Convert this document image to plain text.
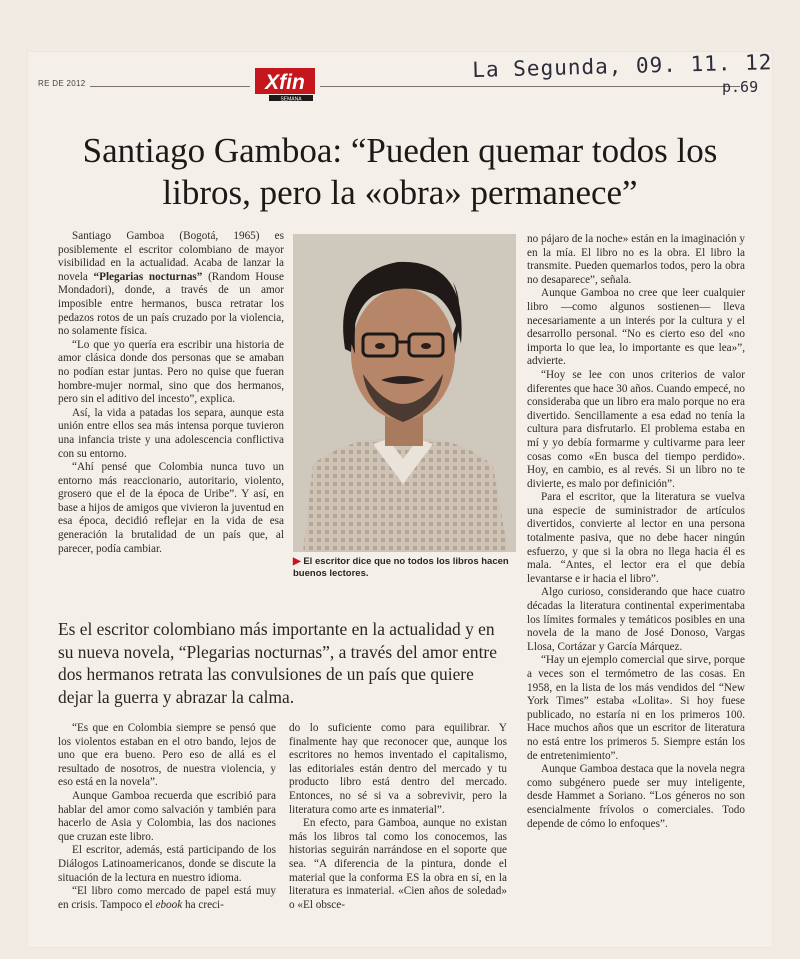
RE DE 2012	Xfin
SEMANA
La Segunda, 09. 11. 12
p.69
Santiago Gamboa: “Pueden quemar todos los
libros, pero la «obra» permanece”

Santiago Gamboa (Bogotá, 1965) es posiblemente el escritor colombiano de mayor visibilidad en la actualidad. Acaba de lanzar la novela “Plegarias nocturnas” (Random House Mondadori), donde, a través de un amor imposible entre hermanos, busca retratar los pedazos rotos de un país cruzado por la violencia, no solamente física.

“Lo que yo quería era escribir una historia de amor clásica donde dos personas que se amaban no podían estar juntas. Pero no quise que fueran hombre-mujer normal, sino que dos hermanos, pero sin el aditivo del incesto”, explica.

Así, la vida a patadas los separa, aunque esta unión entre ellos sea más intensa porque tuvieron una infancia triste y una adolescencia conflictiva con su entorno.

“Ahí pensé que Colombia nunca tuvo un entorno más reaccionario, autoritario, violento, grosero que el de la época de Uribe”. Y así, en base a hijos de amigos que vivieron la juventud en esa época, decidió reflejar en la vida de esa generación la brutalidad de un país que, al parecer, podía cambiar.

▶ El escritor dice que no todos los libros hacen buenos lectores.

no pájaro de la noche» están en la imaginación y en la mía. El libro no es la obra. El libro la transmite. Pueden quemarlos todos, pero la obra no desaparece”, señala.

Aunque Gamboa no cree que leer cualquier libro —como algunos sostienen— lleva necesariamente a un interés por la cultura y el desarrollo personal. “No es cierto eso del «no importa lo que lea, lo importante es que lea»”, advierte.

“Hoy se lee con unos criterios de valor diferentes que hace 30 años. Cuando empecé, no consideraba que un libro era malo porque no era divertido. Sencillamente a esa edad no tenía la cultura para disfrutarlo. El problema estaba en mí y yo debía formarme y cultivarme para leer cosas como «En busca del tiempo perdido». Hoy, en cambio, es al revés. Si un libro no te divierte, es malo por definición”.

Para el escritor, que la literatura se vuelva una especie de suministrador de artículos divertidos, convierte al lector en una persona totalmente pasiva, que no debe hacer ningún esfuerzo, y que si la obra no llega hacia él es mala. “Antes, el lector era el que debía levantarse e ir hacia el libro”.

Algo curioso, considerando que hace cuatro décadas la literatura continental experimentaba los límites formales y temáticos posibles en una novela de la mano de José Donoso, Vargas Llosa, Cortázar y García Márquez.

“Hay un ejemplo comercial que sirve, porque a veces son el termómetro de las cosas. En 1958, en la lista de los más vendidos del “New York Times” estaba «Lolita». Si hoy fuese publicado, no estaría ni en los primeros 100. Hace muchos años que un escritor de literatura no está entre los primeros 5. Siempre están los de entretenimiento”.

Aunque Gamboa destaca que la novela negra como subgénero puede ser muy inteligente, desde Hammet a Soriano. “Los géneros no son esencialmente frívolos o comerciales. Todo depende de cómo lo enfoques”.

Es el escritor colombiano más importante en la actualidad y en su nueva novela, “Plegarias nocturnas”, a través del amor entre dos hermanos retrata las convulsiones de un país que quiere dejar la guerra y abrazar la calma.

“Es que en Colombia siempre se pensó que los violentos estaban en el otro bando, lejos de uno que era bueno. Pero eso de allá es el resultado de nosotros, de nuestra violencia, y eso está en la novela”.

Aunque Gamboa recuerda que escribió para hablar del amor como salvación y también para hacerlo de Asia y Colombia, las dos naciones que cruzan este libro.

El escritor, además, está participando de los Diálogos Latinoamericanos, donde se discute la situación de la lectura en nuestro idioma.

“El libro como mercado de papel está muy en crisis. Tampoco el ebook ha creci-

do lo suficiente como para equilibrar. Y finalmente hay que reconocer que, aunque los escritores no hemos inventado el capitalismo, las editoriales están dentro del mercado y tu producto libro está dentro del mercado. Entonces, no sé si va a sobrevivir, pero la literatura como arte es inmaterial”.

En efecto, para Gamboa, aunque no existan más los libros tal como los conocemos, las historias seguirán narrándose en el soporte que sea. “A diferencia de la pintura, donde el material que la conforma ES la obra en sí, en la literatura es inmaterial. «Cien años de soledad» o «El obsce-
